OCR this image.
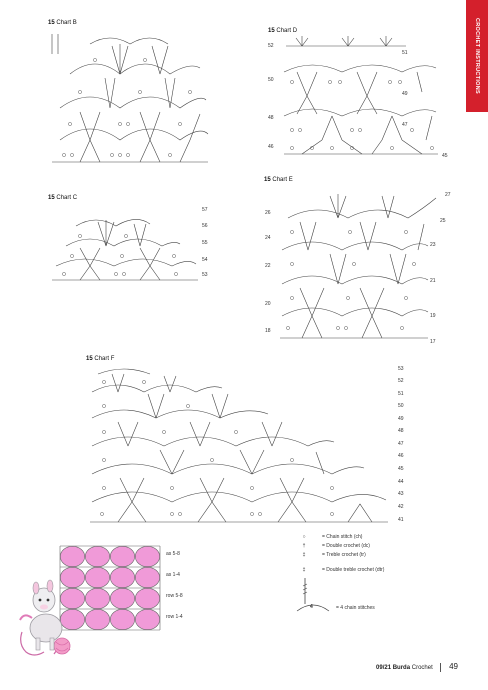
CROCHET INSTRUCTIONS
15 Chart B
15 Chart D
52
50
48
46
51
49
47
45
15 Chart C
57
56
55
54
53
15 Chart E
26
24
22
20
18
27
25
23
21
19
17
15 Chart F
53
52
51
50
49
48
47
46
45
44
43
42
41
as 5-8
as 1-4
row 5-8
row 1-4
○	= Chain stitch (ch)
†	= Double crochet (dc)
‡	= Treble crochet (tr)
‡	= Double treble crochet (dtr)
4	= 4 chain stitches
09/21 Burda Crochet 49
